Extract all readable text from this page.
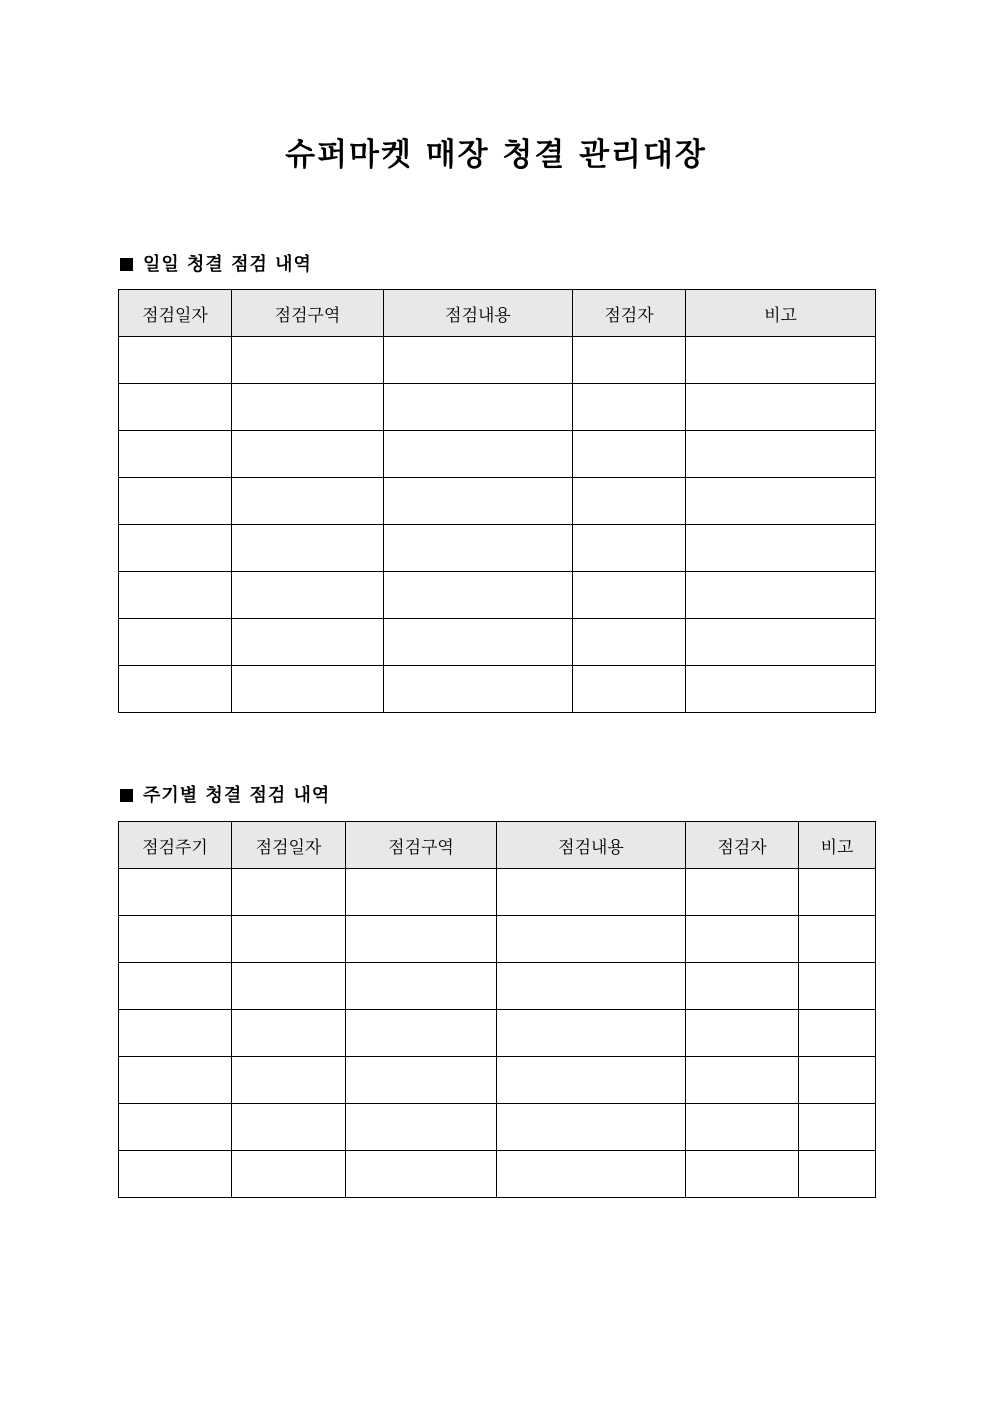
슈퍼마켓 매장 청결 관리대장
일일 청결 점검 내역
점검일자	점검구역	점검내용	점검자	비고

주기별 청결 점검 내역
점검주기	점검일자	점검구역	점검내용	점검자	비고
